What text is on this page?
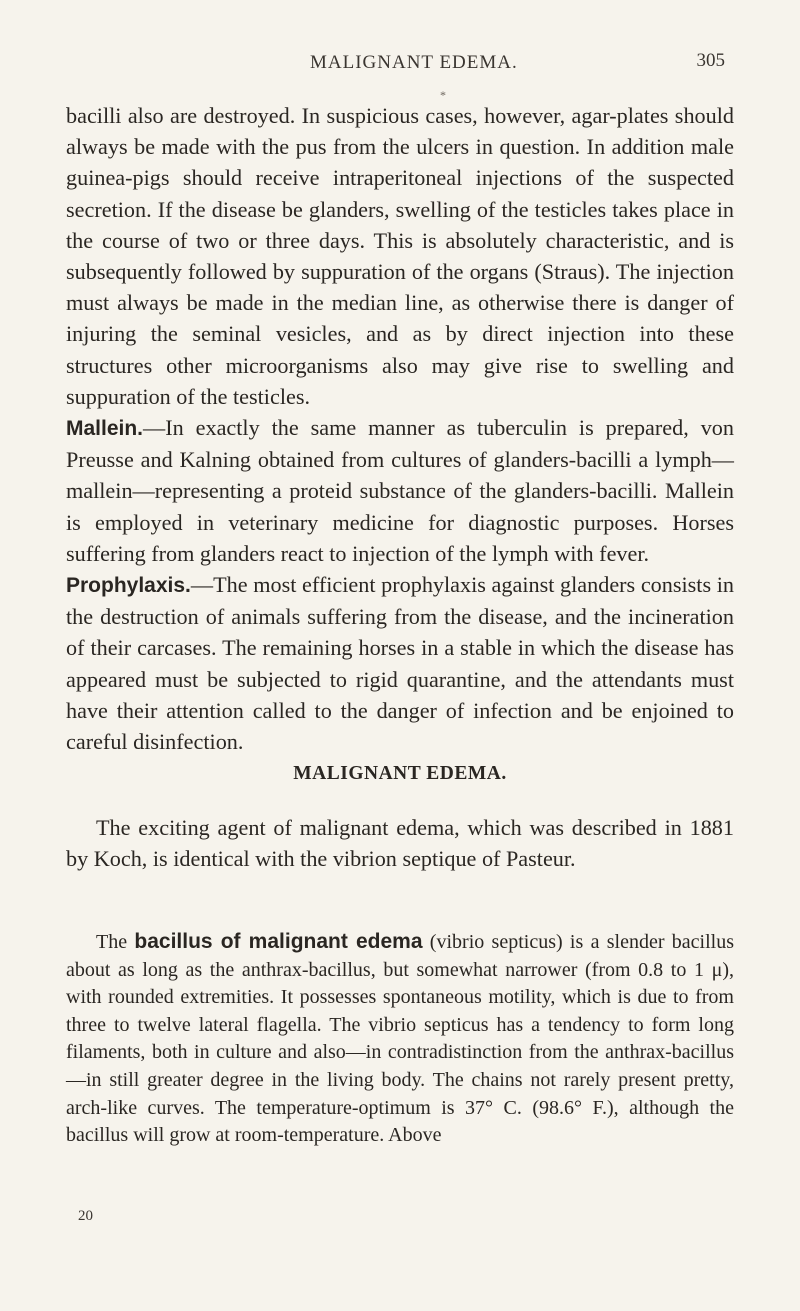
MALIGNANT EDEMA.	305
*

bacilli also are destroyed. In suspicious cases, however, agar-plates should always be made with the pus from the ulcers in question. In addition male guinea-pigs should receive intraperitoneal injections of the suspected secretion. If the disease be glanders, swelling of the testicles takes place in the course of two or three days. This is absolutely characteristic, and is subsequently followed by suppuration of the organs (Straus). The injection must always be made in the median line, as otherwise there is danger of injuring the seminal vesicles, and as by direct injection into these structures other microorganisms also may give rise to swelling and suppuration of the testicles.

Mallein.—In exactly the same manner as tuberculin is prepared, von Preusse and Kalning obtained from cultures of glanders-bacilli a lymph—mallein—representing a proteid substance of the glanders-bacilli. Mallein is employed in veterinary medicine for diagnostic purposes. Horses suffering from glanders react to injection of the lymph with fever.

Prophylaxis.—The most efficient prophylaxis against glanders consists in the destruction of animals suffering from the disease, and the incineration of their carcases. The remaining horses in a stable in which the disease has appeared must be subjected to rigid quarantine, and the attendants must have their attention called to the danger of infection and be enjoined to careful disinfection.

MALIGNANT EDEMA.

The exciting agent of malignant edema, which was described in 1881 by Koch, is identical with the vibrion septique of Pasteur.

The bacillus of malignant edema (vibrio septicus) is a slender bacillus about as long as the anthrax-bacillus, but somewhat narrower (from 0.8 to 1 μ), with rounded extremities. It possesses spontaneous motility, which is due to from three to twelve lateral flagella. The vibrio septicus has a tendency to form long filaments, both in culture and also—in contradistinction from the anthrax-bacillus—in still greater degree in the living body. The chains not rarely present pretty, arch-like curves. The temperature-optimum is 37° C. (98.6° F.), although the bacillus will grow at room-temperature. Above

20
